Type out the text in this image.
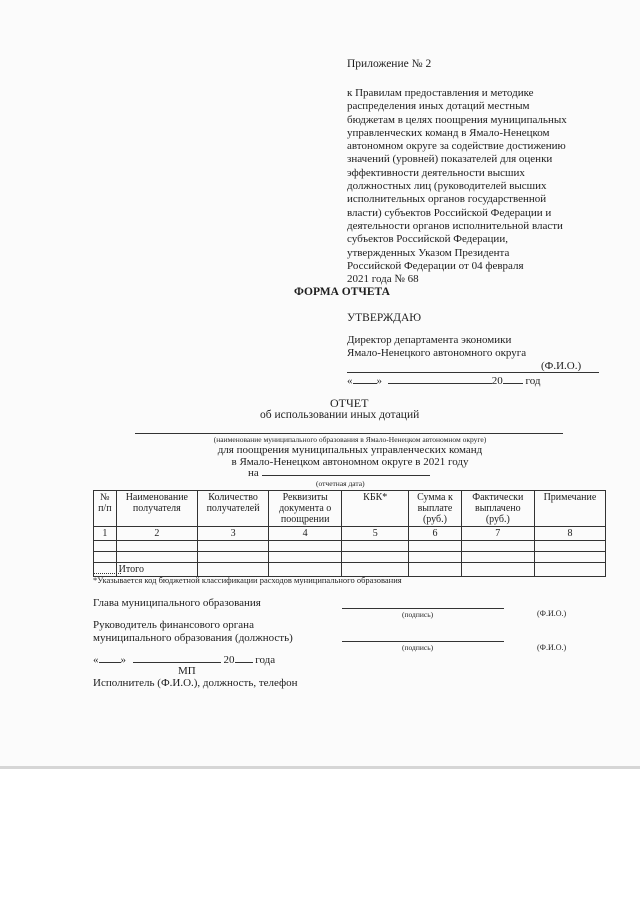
Приложение № 2
к Правилам предоставления и методике
распределения иных дотаций местным
бюджетам в целях поощрения муниципальных
управленческих команд в Ямало-Ненецком
автономном округе за содействие достижению
значений (уровней) показателей для оценки
эффективности деятельности высших
должностных лиц (руководителей высших
исполнительных органов государственной
власти) субъектов Российской Федерации и
деятельности органов исполнительной власти
субъектов Российской Федерации,
утвержденных Указом Президента
Российской Федерации от 04 февраля
2021 года № 68
ФОРМА ОТЧЕТА
УТВЕРЖДАЮ
Директор департамента экономики
Ямало-Ненецкого автономного округа
(Ф.И.О.)
« »	20 год
ОТЧЕТ
об использовании иных дотаций
(наименование муниципального образования в Ямало-Ненецком автономном округе)
для поощрения муниципальных управленческих команд
в Ямало-Ненецком автономном округе в 2021 году
на
(отчетная дата)
№ п/п	Наименование получателя	Количество получателей	Реквизиты документа о поощрении	КБК*	Сумма к выплате (руб.)	Фактически выплачено (руб.)	Примечание
1	2	3	4	5	6	7	8

	Итого						
*Указывается код бюджетной классификации расходов муниципального образования
Глава муниципального образования
(подпись)	(Ф.И.О.)
Руководитель финансового органа
муниципального образования (должность)
(подпись)	(Ф.И.О.)
« »	20 года
МП
Исполнитель (Ф.И.О.), должность, телефон
